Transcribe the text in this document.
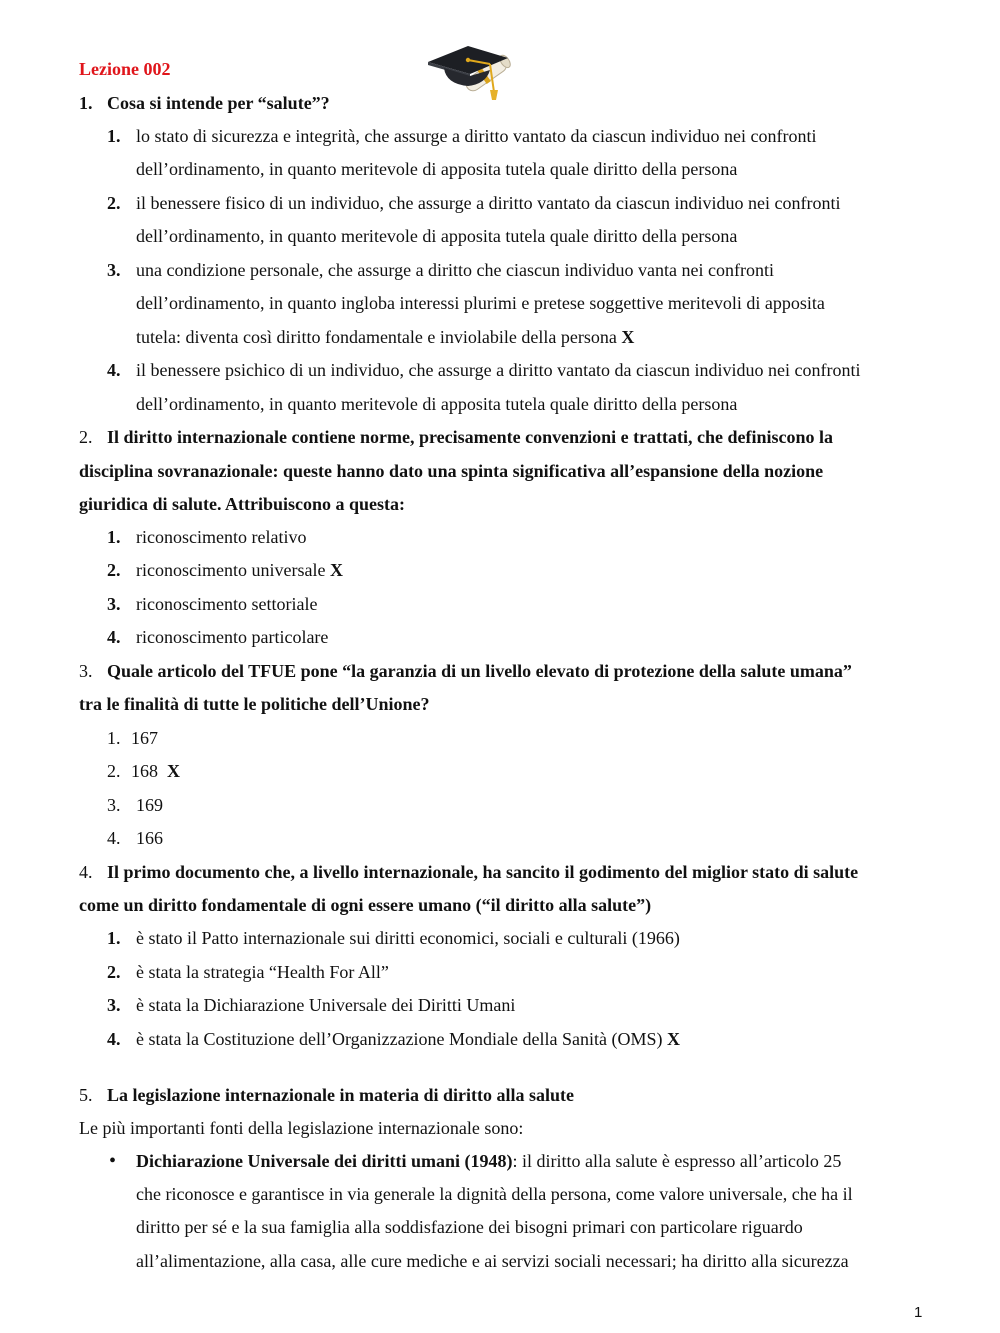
Lezione 002
1. Cosa si intende per “salute”?
1. lo stato di sicurezza e integrità, che assurge a diritto vantato da ciascun individuo nei confronti
dell’ordinamento, in quanto meritevole di apposita tutela quale diritto della persona
2. il benessere fisico di un individuo, che assurge a diritto vantato da ciascun individuo nei confronti
dell’ordinamento, in quanto meritevole di apposita tutela quale diritto della persona
3. una condizione personale, che assurge a diritto che ciascun individuo vanta nei confronti
dell’ordinamento, in quanto ingloba interessi plurimi e pretese soggettive meritevoli di apposita
tutela: diventa così diritto fondamentale e inviolabile della persona X
4. il benessere psichico di un individuo, che assurge a diritto vantato da ciascun individuo nei confronti
dell’ordinamento, in quanto meritevole di apposita tutela quale diritto della persona
2. Il diritto internazionale contiene norme, precisamente convenzioni e trattati, che definiscono la
disciplina sovranazionale: queste hanno dato una spinta significativa all’espansione della nozione
giuridica di salute. Attribuiscono a questa:
1. riconoscimento relativo
2. riconoscimento universale X
3. riconoscimento settoriale
4. riconoscimento particolare
3. Quale articolo del TFUE pone “la garanzia di un livello elevato di protezione della salute umana”
tra le finalità di tutte le politiche dell’Unione?
1. 167
2. 168 X
3. 169
4. 166
4. Il primo documento che, a livello internazionale, ha sancito il godimento del miglior stato di salute
come un diritto fondamentale di ogni essere umano (“il diritto alla salute”)
1. è stato il Patto internazionale sui diritti economici, sociali e culturali (1966)
2. è stata la strategia “Health For All”
3. è stata la Dichiarazione Universale dei Diritti Umani
4. è stata la Costituzione dell’Organizzazione Mondiale della Sanità (OMS) X
5. La legislazione internazionale in materia di diritto alla salute
Le più importanti fonti della legislazione internazionale sono:
• Dichiarazione Universale dei diritti umani (1948): il diritto alla salute è espresso all’articolo 25
che riconosce e garantisce in via generale la dignità della persona, come valore universale, che ha il
diritto per sé e la sua famiglia alla soddisfazione dei bisogni primari con particolare riguardo
all’alimentazione, alla casa, alle cure mediche e ai servizi sociali necessari; ha diritto alla sicurezza
1
